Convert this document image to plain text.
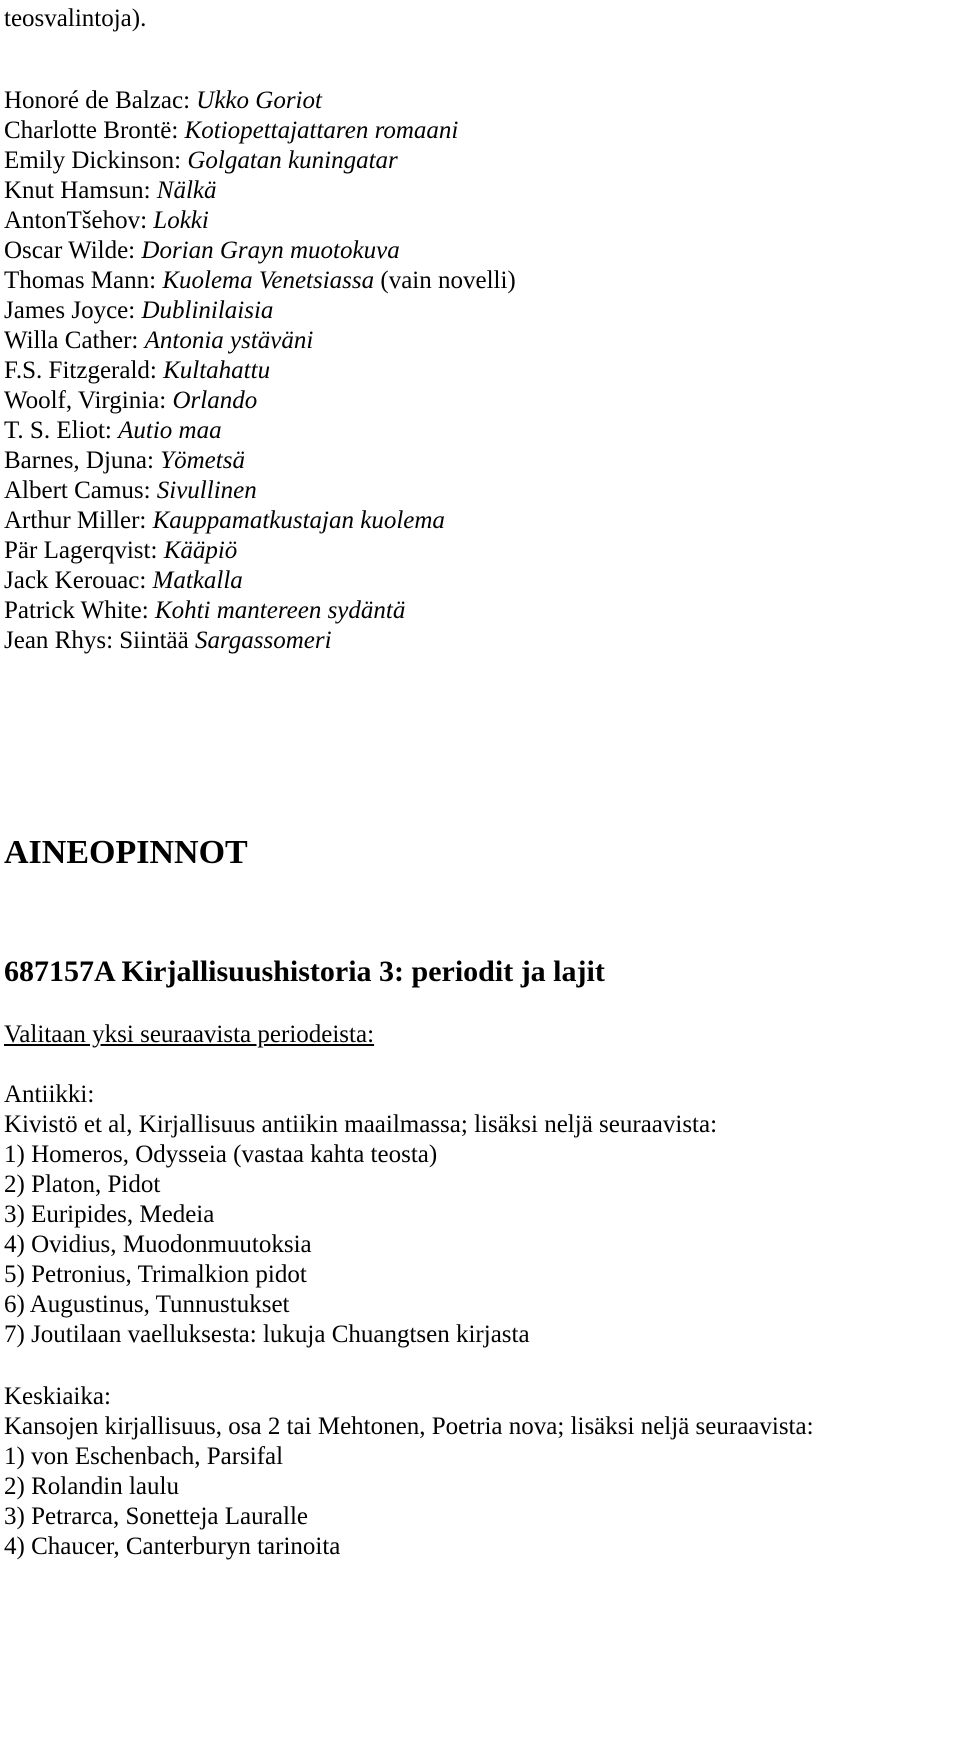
teosvalintoja).
Honoré de Balzac: Ukko Goriot
Charlotte Brontë: Kotiopettajattaren romaani
Emily Dickinson: Golgatan kuningatar
Knut Hamsun: Nälkä
AntonTšehov: Lokki
Oscar Wilde: Dorian Grayn muotokuva
Thomas Mann: Kuolema Venetsiassa (vain novelli)
James Joyce: Dublinilaisia
Willa Cather: Antonia ystäväni
F.S. Fitzgerald: Kultahattu
Woolf, Virginia: Orlando
T. S. Eliot: Autio maa
Barnes, Djuna: Yömetsä
Albert Camus: Sivullinen
Arthur Miller: Kauppamatkustajan kuolema
Pär Lagerqvist: Kääpiö
Jack Kerouac: Matkalla
Patrick White: Kohti mantereen sydäntä
Jean Rhys: Siintää Sargassomeri
AINEOPINNOT
687157A Kirjallisuushistoria 3: periodit ja lajit
Valitaan yksi seuraavista periodeista:
Antiikki:
Kivistö et al, Kirjallisuus antiikin maailmassa; lisäksi neljä seuraavista:
1) Homeros, Odysseia (vastaa kahta teosta)
2) Platon, Pidot
3) Euripides, Medeia
4) Ovidius, Muodonmuutoksia
5) Petronius, Trimalkion pidot
6) Augustinus, Tunnustukset
7) Joutilaan vaelluksesta: lukuja Chuangtsen kirjasta
Keskiaika:
Kansojen kirjallisuus, osa 2 tai Mehtonen, Poetria nova; lisäksi neljä seuraavista:
1) von Eschenbach, Parsifal
2) Rolandin laulu
3) Petrarca, Sonetteja Lauralle
4) Chaucer, Canterburyn tarinoita
